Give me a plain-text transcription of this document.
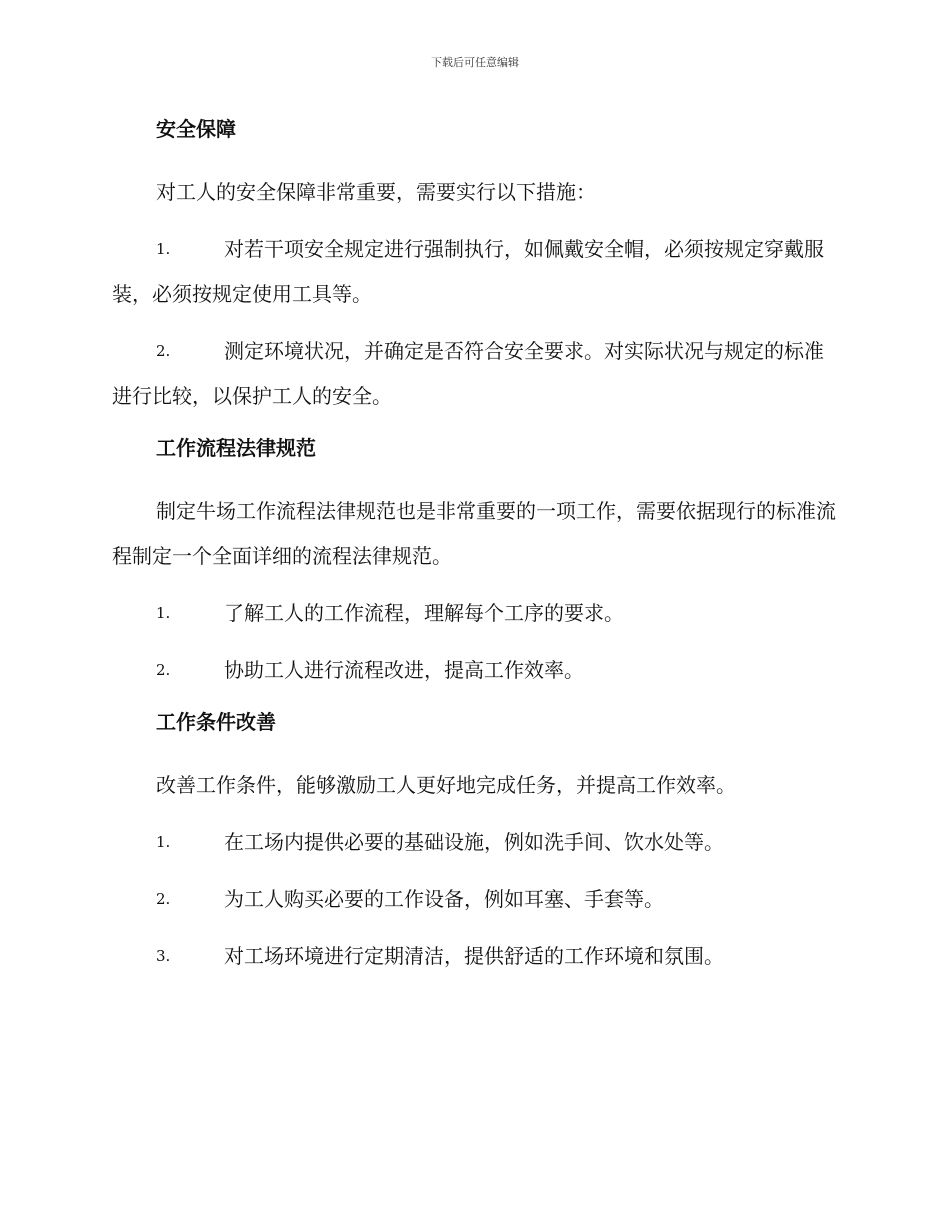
下载后可任意编辑
安全保障
对工人的安全保障非常重要，需要实行以下措施：
1.	对若干项安全规定进行强制执行，如佩戴安全帽，必须按规定穿戴服装，必须按规定使用工具等。
2.	测定环境状况，并确定是否符合安全要求。对实际状况与规定的标准进行比较，以保护工人的安全。
工作流程法律规范
制定牛场工作流程法律规范也是非常重要的一项工作，需要依据现行的标准流程制定一个全面详细的流程法律规范。
1.	了解工人的工作流程，理解每个工序的要求。
2.	协助工人进行流程改进，提高工作效率。
工作条件改善
改善工作条件，能够激励工人更好地完成任务，并提高工作效率。
1.	在工场内提供必要的基础设施，例如洗手间、饮水处等。
2.	为工人购买必要的工作设备，例如耳塞、手套等。
3.	对工场环境进行定期清洁，提供舒适的工作环境和氛围。
